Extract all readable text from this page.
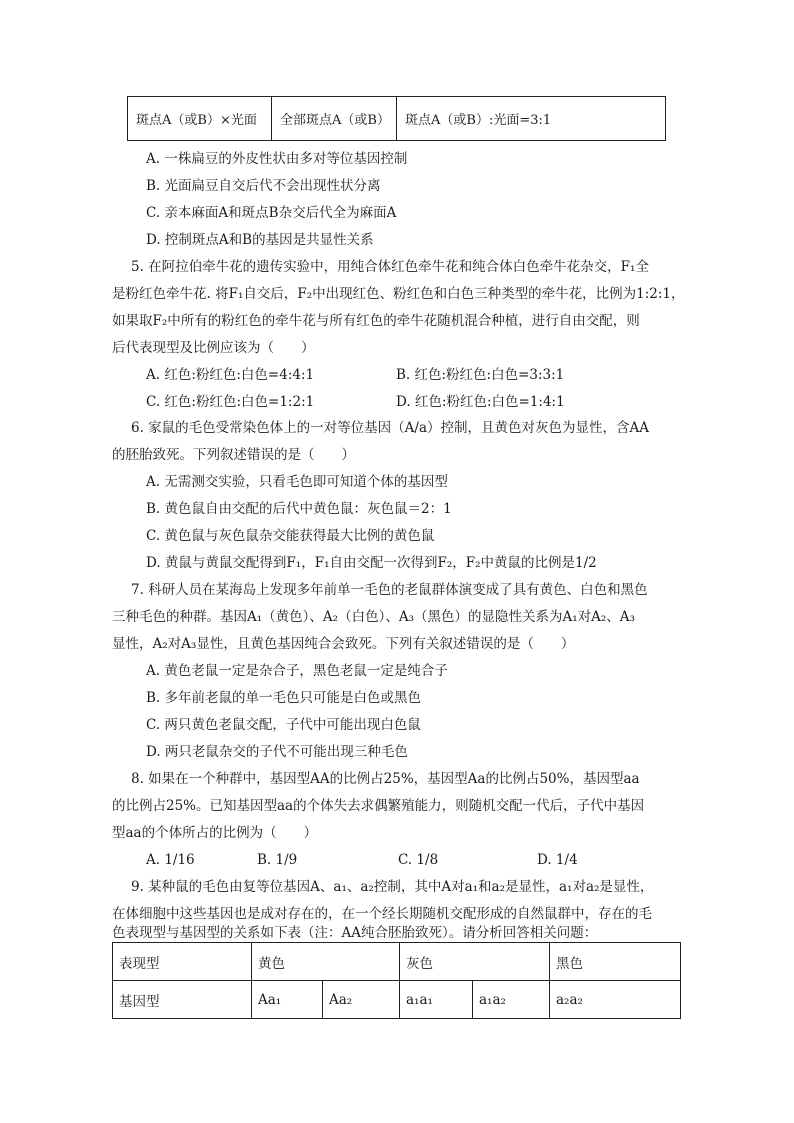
斑点A（或B）×光面	全部斑点A（或B）	斑点A（或B）:光面=3:1
A. 一株扁豆的外皮性状由多对等位基因控制
B. 光面扁豆自交后代不会出现性状分离
C. 亲本麻面A和斑点B杂交后代全为麻面A
D. 控制斑点A和B的基因是共显性关系
5. 在阿拉伯牵牛花的遗传实验中，用纯合体红色牵牛花和纯合体白色牵牛花杂交，F₁全
是粉红色牵牛花. 将F₁自交后，F₂中出现红色、粉红色和白色三种类型的牵牛花，比例为1:2:1，
如果取F₂中所有的粉红色的牵牛花与所有红色的牵牛花随机混合种植，进行自由交配，则
后代表现型及比例应该为（　　）
A. 红色:粉红色:白色=4:4:1	B. 红色:粉红色:白色=3:3:1
C. 红色:粉红色:白色=1:2:1	D. 红色:粉红色:白色=1:4:1
6. 家鼠的毛色受常染色体上的一对等位基因（A/a）控制，且黄色对灰色为显性，含AA
的胚胎致死。下列叙述错误的是（　　）
A. 无需测交实验，只看毛色即可知道个体的基因型
B. 黄色鼠自由交配的后代中黄色鼠：灰色鼠＝2：1
C. 黄色鼠与灰色鼠杂交能获得最大比例的黄色鼠
D. 黄鼠与黄鼠交配得到F₁，F₁自由交配一次得到F₂，F₂中黄鼠的比例是1/2
7. 科研人员在某海岛上发现多年前单一毛色的老鼠群体演变成了具有黄色、白色和黑色
三种毛色的种群。基因A₁（黄色）、A₂（白色）、A₃（黑色）的显隐性关系为A₁对A₂、A₃
显性，A₂对A₃显性，且黄色基因纯合会致死。下列有关叙述错误的是（　　）
A. 黄色老鼠一定是杂合子，黑色老鼠一定是纯合子
B. 多年前老鼠的单一毛色只可能是白色或黑色
C. 两只黄色老鼠交配，子代中可能出现白色鼠
D. 两只老鼠杂交的子代不可能出现三种毛色
8. 如果在一个种群中，基因型AA的比例占25%，基因型Aa的比例占50%，基因型aa
的比例占25%。已知基因型aa的个体失去求偶繁殖能力，则随机交配一代后，子代中基因
型aa的个体所占的比例为（　　）
A. 1/16	B. 1/9	C. 1/8	D. 1/4
9. 某种鼠的毛色由复等位基因A、a₁、a₂控制，其中A对a₁和a₂是显性，a₁对a₂是显性，
在体细胞中这些基因也是成对存在的，在一个经长期随机交配形成的自然鼠群中，存在的毛
色表现型与基因型的关系如下表（注：AA纯合胚胎致死）。请分析回答相关问题：
表现型	黄色		灰色		黑色
基因型	Aa₁	Aa₂	a₁a₁	a₁a₂	a₂a₂
